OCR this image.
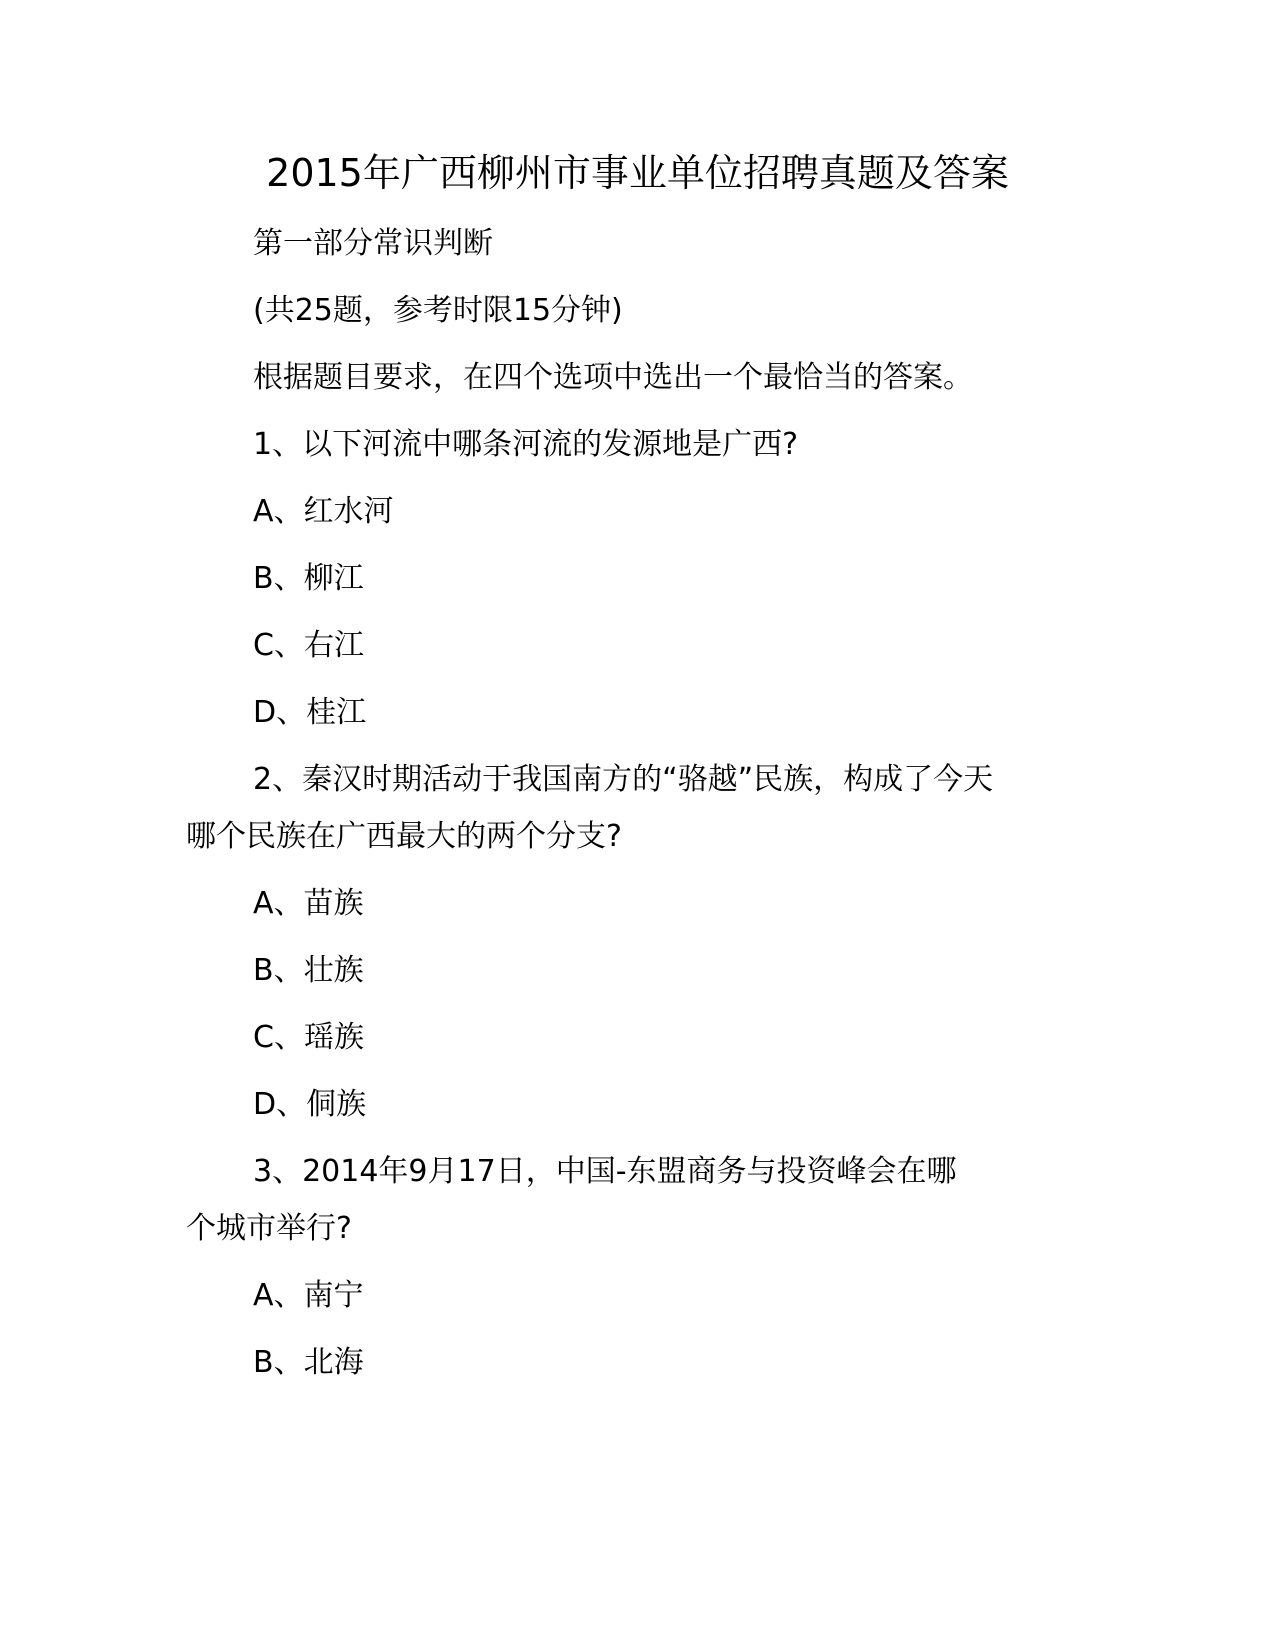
2015年广西柳州市事业单位招聘真题及答案
第一部分常识判断
(共25题，参考时限15分钟)
根据题目要求，在四个选项中选出一个最恰当的答案。
1、以下河流中哪条河流的发源地是广西?
A、红水河
B、柳江
C、右江
D、桂江
2、秦汉时期活动于我国南方的“骆越”民族，构成了今天
哪个民族在广西最大的两个分支?
A、苗族
B、壮族
C、瑶族
D、侗族
3、2014年9月17日，中国-东盟商务与投资峰会在哪
个城市举行?
A、南宁
B、北海
